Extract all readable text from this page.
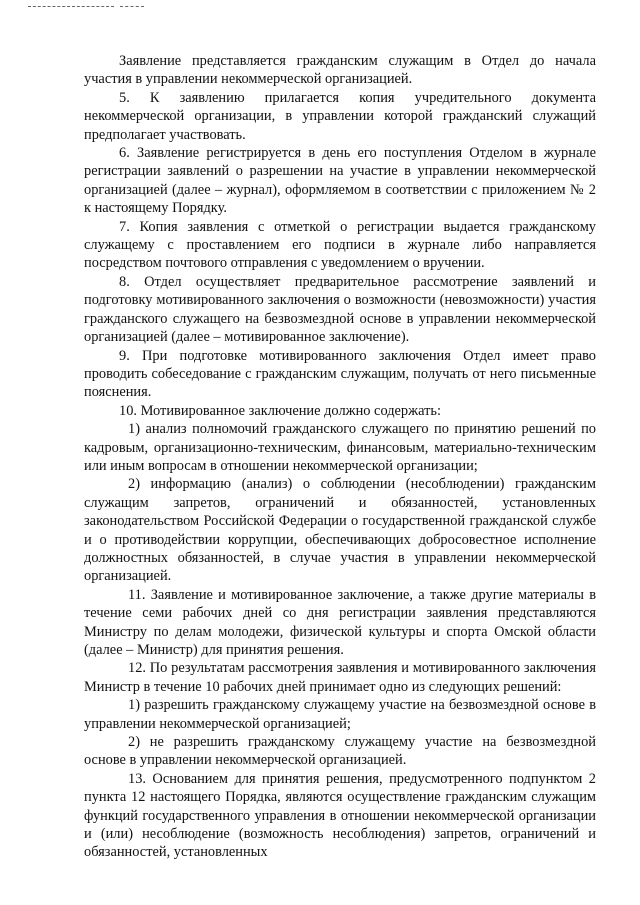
Заявление представляется гражданским служащим в Отдел до начала участия в управлении некоммерческой организацией.

5. К заявлению прилагается копия учредительного документа некоммерческой организации, в управлении которой гражданский служащий предполагает участвовать.

6. Заявление регистрируется в день его поступления Отделом в журнале регистрации заявлений о разрешении на участие в управлении некоммерческой организацией (далее – журнал), оформляемом в соответствии с приложением № 2 к настоящему Порядку.

7. Копия заявления с отметкой о регистрации выдается гражданскому служащему с проставлением его подписи в журнале либо направляется посредством почтового отправления с уведомлением о вручении.

8. Отдел осуществляет предварительное рассмотрение заявлений и подготовку мотивированного заключения о возможности (невозможности) участия гражданского служащего на безвозмездной основе в управлении некоммерческой организацией (далее – мотивированное заключение).

9. При подготовке мотивированного заключения Отдел имеет право проводить собеседование с гражданским служащим, получать от него письменные пояснения.

10. Мотивированное заключение должно содержать:

1) анализ полномочий гражданского служащего по принятию решений по кадровым, организационно-техническим, финансовым, материально-техническим или иным вопросам в отношении некоммерческой организации;

2) информацию (анализ) о соблюдении (несоблюдении) гражданским служащим запретов, ограничений и обязанностей, установленных законодательством Российской Федерации о государственной гражданской службе и о противодействии коррупции, обеспечивающих добросовестное исполнение должностных обязанностей, в случае участия в управлении некоммерческой организацией.

11. Заявление и мотивированное заключение, а также другие материалы в течение семи рабочих дней со дня регистрации заявления представляются Министру по делам молодежи, физической культуры и спорта Омской области (далее – Министр) для принятия решения.

12. По результатам рассмотрения заявления и мотивированного заключения Министр в течение 10 рабочих дней принимает одно из следующих решений:

1) разрешить гражданскому служащему участие на безвозмездной основе в управлении некоммерческой организацией;

2) не разрешить гражданскому служащему участие на безвозмездной основе в управлении некоммерческой организацией.

13. Основанием для принятия решения, предусмотренного подпунктом 2 пункта 12 настоящего Порядка, являются осуществление гражданским служащим функций государственного управления в отношении некоммерческой организации и (или) несоблюдение (возможность несоблюдения) запретов, ограничений и обязанностей, установленных
